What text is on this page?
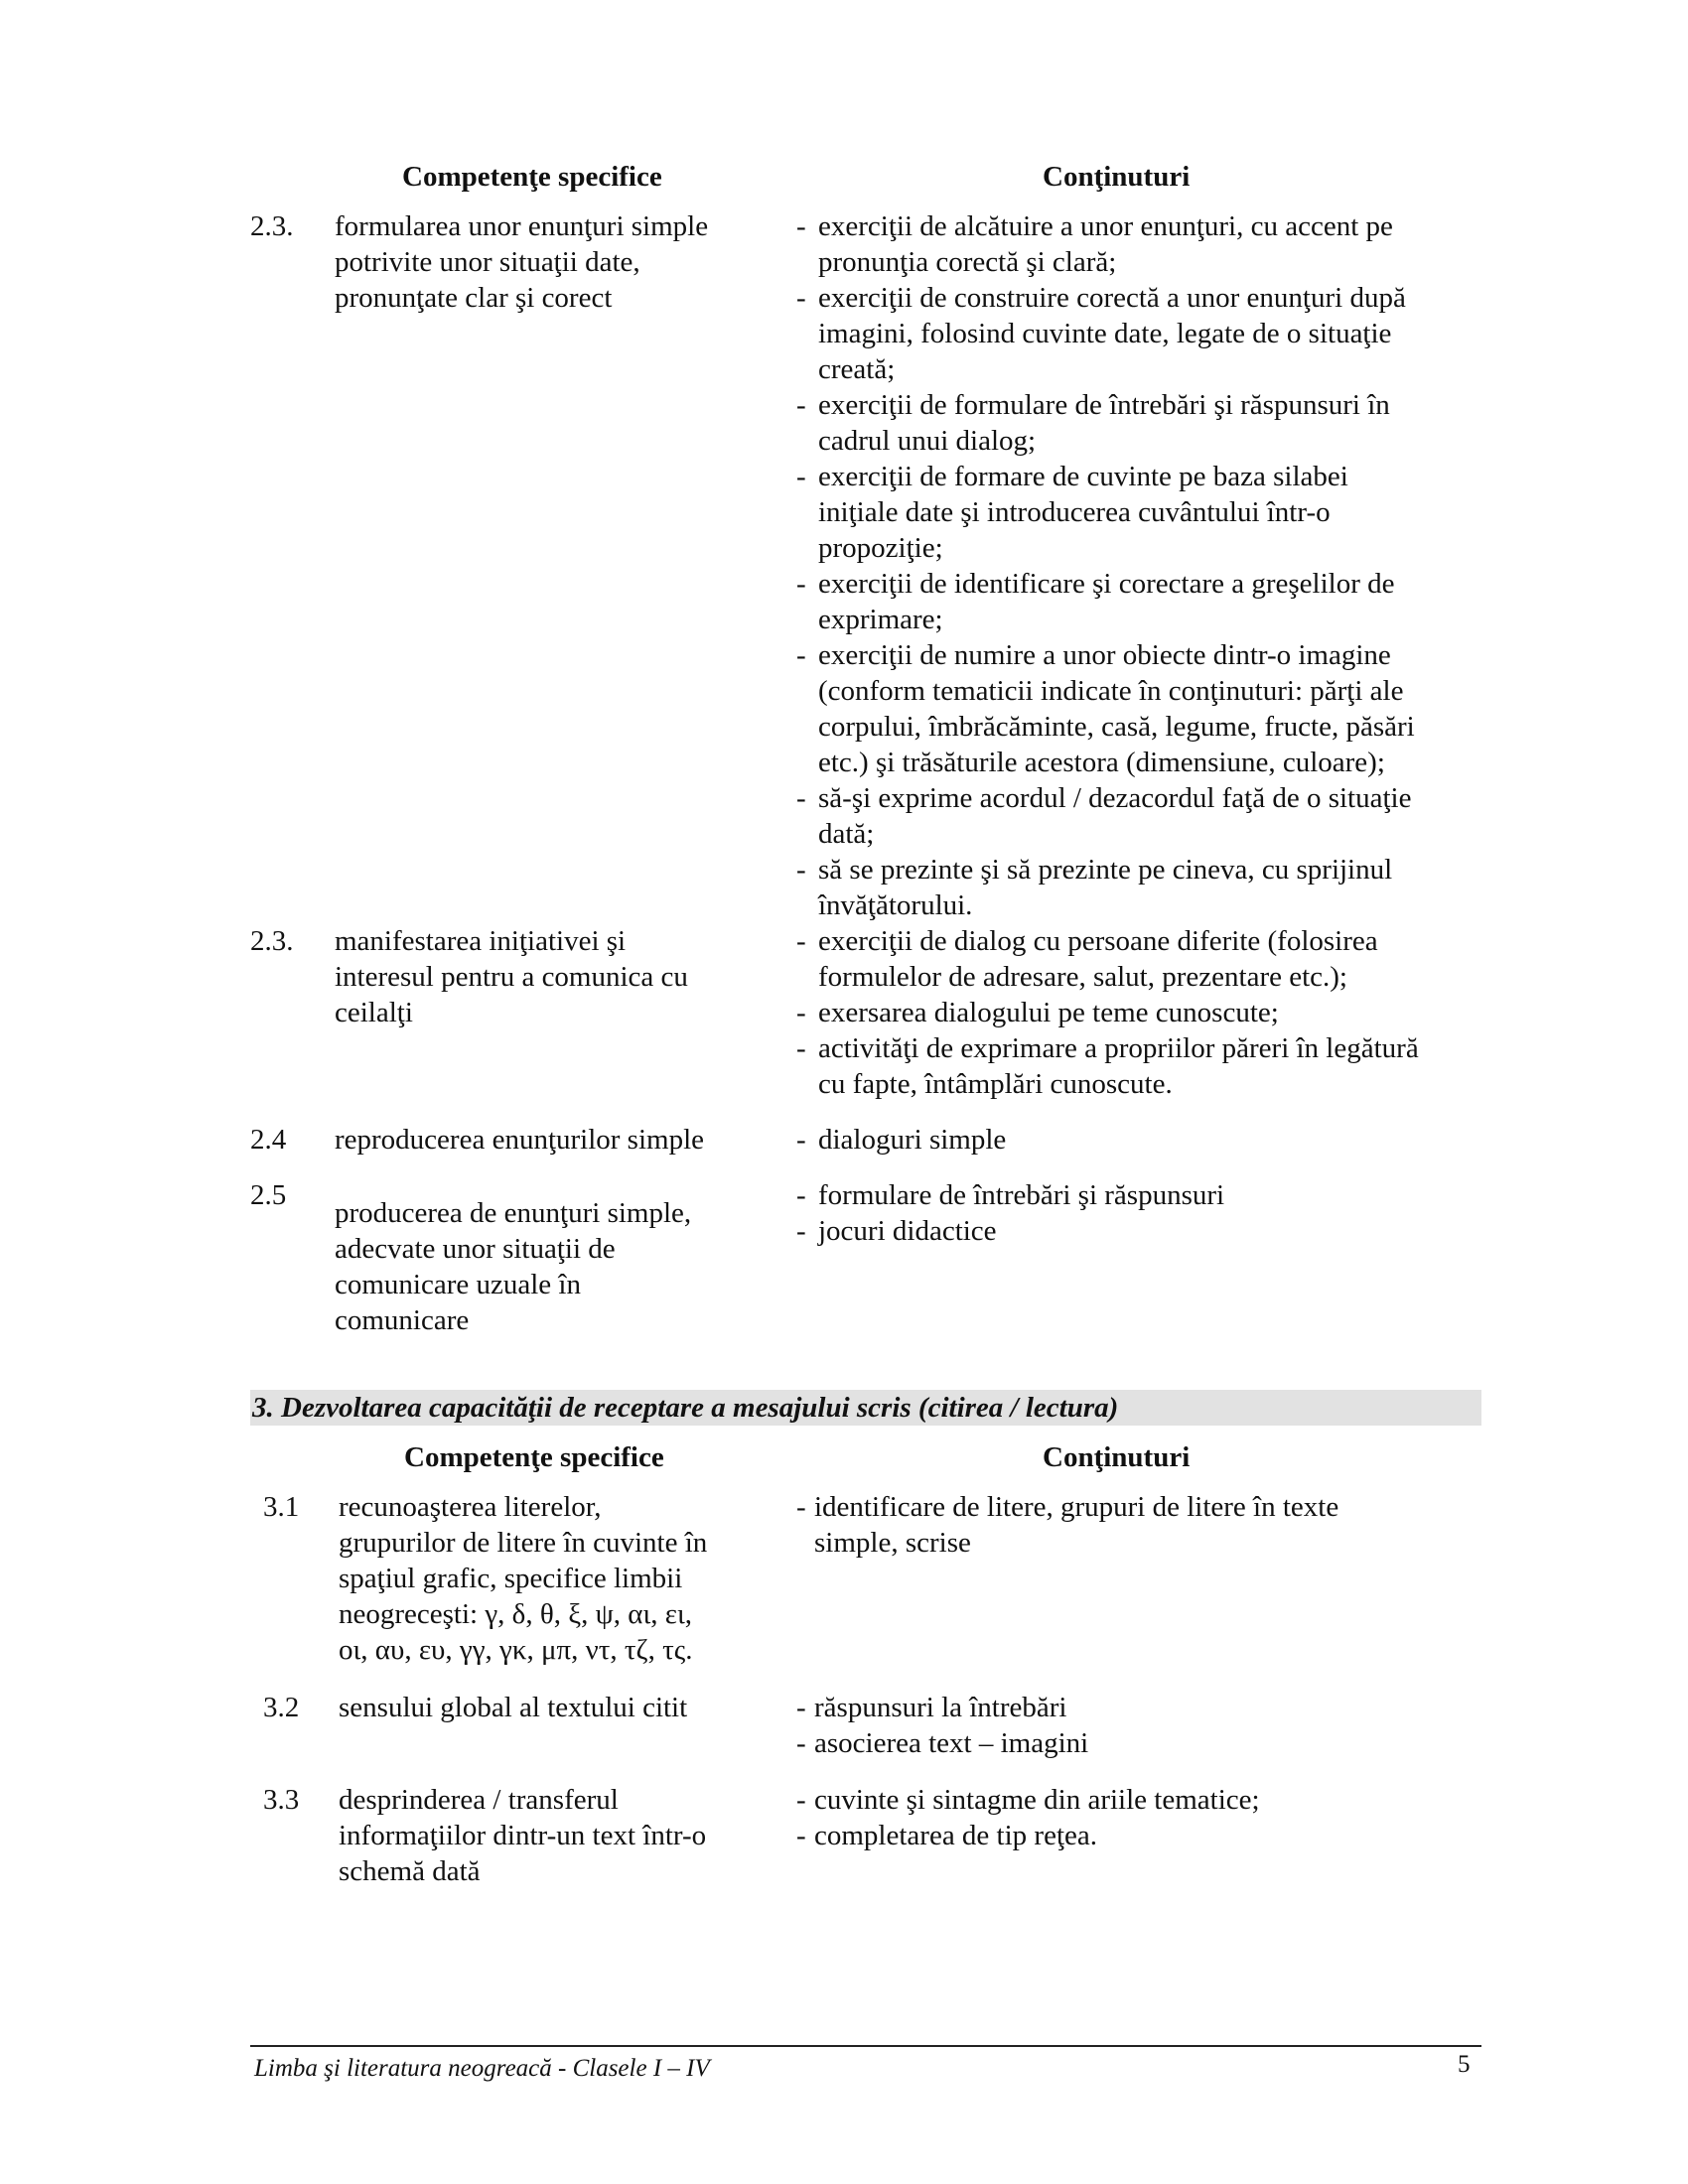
Competenţe specifice	Conţinuturi
2.3. formularea unor enunţuri simple
potrivite unor situaţii date,
pronunţate clar şi corect
- exerciţii de alcătuire a unor enunţuri, cu accent pe
pronunţia corectă şi clară;
- exerciţii de construire corectă a unor enunţuri după
imagini, folosind cuvinte date, legate de o situaţie
creată;
- exerciţii de formulare de întrebări şi răspunsuri în
cadrul unui dialog;
- exerciţii de formare de cuvinte pe baza silabei
iniţiale date şi introducerea cuvântului într-o
propoziţie;
- exerciţii de identificare şi corectare a greşelilor de
exprimare;
- exerciţii de numire a unor obiecte dintr-o imagine
(conform tematicii indicate în conţinuturi: părţi ale
corpului, îmbrăcăminte, casă, legume, fructe, păsări
etc.) şi trăsăturile acestora (dimensiune, culoare);
- să-şi exprime acordul / dezacordul faţă de o situaţie
dată;
- să se prezinte şi să prezinte pe cineva, cu sprijinul
învăţătorului.
2.3. manifestarea iniţiativei şi
interesul pentru a comunica cu
ceilalţi
- exerciţii de dialog cu persoane diferite (folosirea
formulelor de adresare, salut, prezentare etc.);
- exersarea dialogului pe teme cunoscute;
- activităţi de exprimare a propriilor păreri în legătură
cu fapte, întâmplări cunoscute.
2.4 reproducerea enunţurilor simple	- dialoguri simple
2.5
producerea de enunţuri simple,
adecvate unor situaţii de
comunicare uzuale în
comunicare
- formulare de întrebări şi răspunsuri
- jocuri didactice
3. Dezvoltarea capacităţii de receptare a mesajului scris (citirea / lectura)
Competenţe specifice	Conţinuturi
3.1 recunoaşterea literelor,
grupurilor de litere în cuvinte în
spaţiul grafic, specifice limbii
neogreceşti: γ, δ, θ, ξ, ψ, αι, ει,
οι, αυ, ευ, γγ, γκ, μπ, ντ, τζ, τς.
- identificare de litere, grupuri de litere în texte
simple, scrise
3.2 sensului global al textului citit	- răspunsuri la întrebări
- asocierea text – imagini
3.3 desprinderea / transferul
informaţiilor dintr-un text într-o
schemă dată
- cuvinte şi sintagme din ariile tematice;
- completarea de tip reţea.
Limba şi literatura neogreacă - Clasele I – IV	5
